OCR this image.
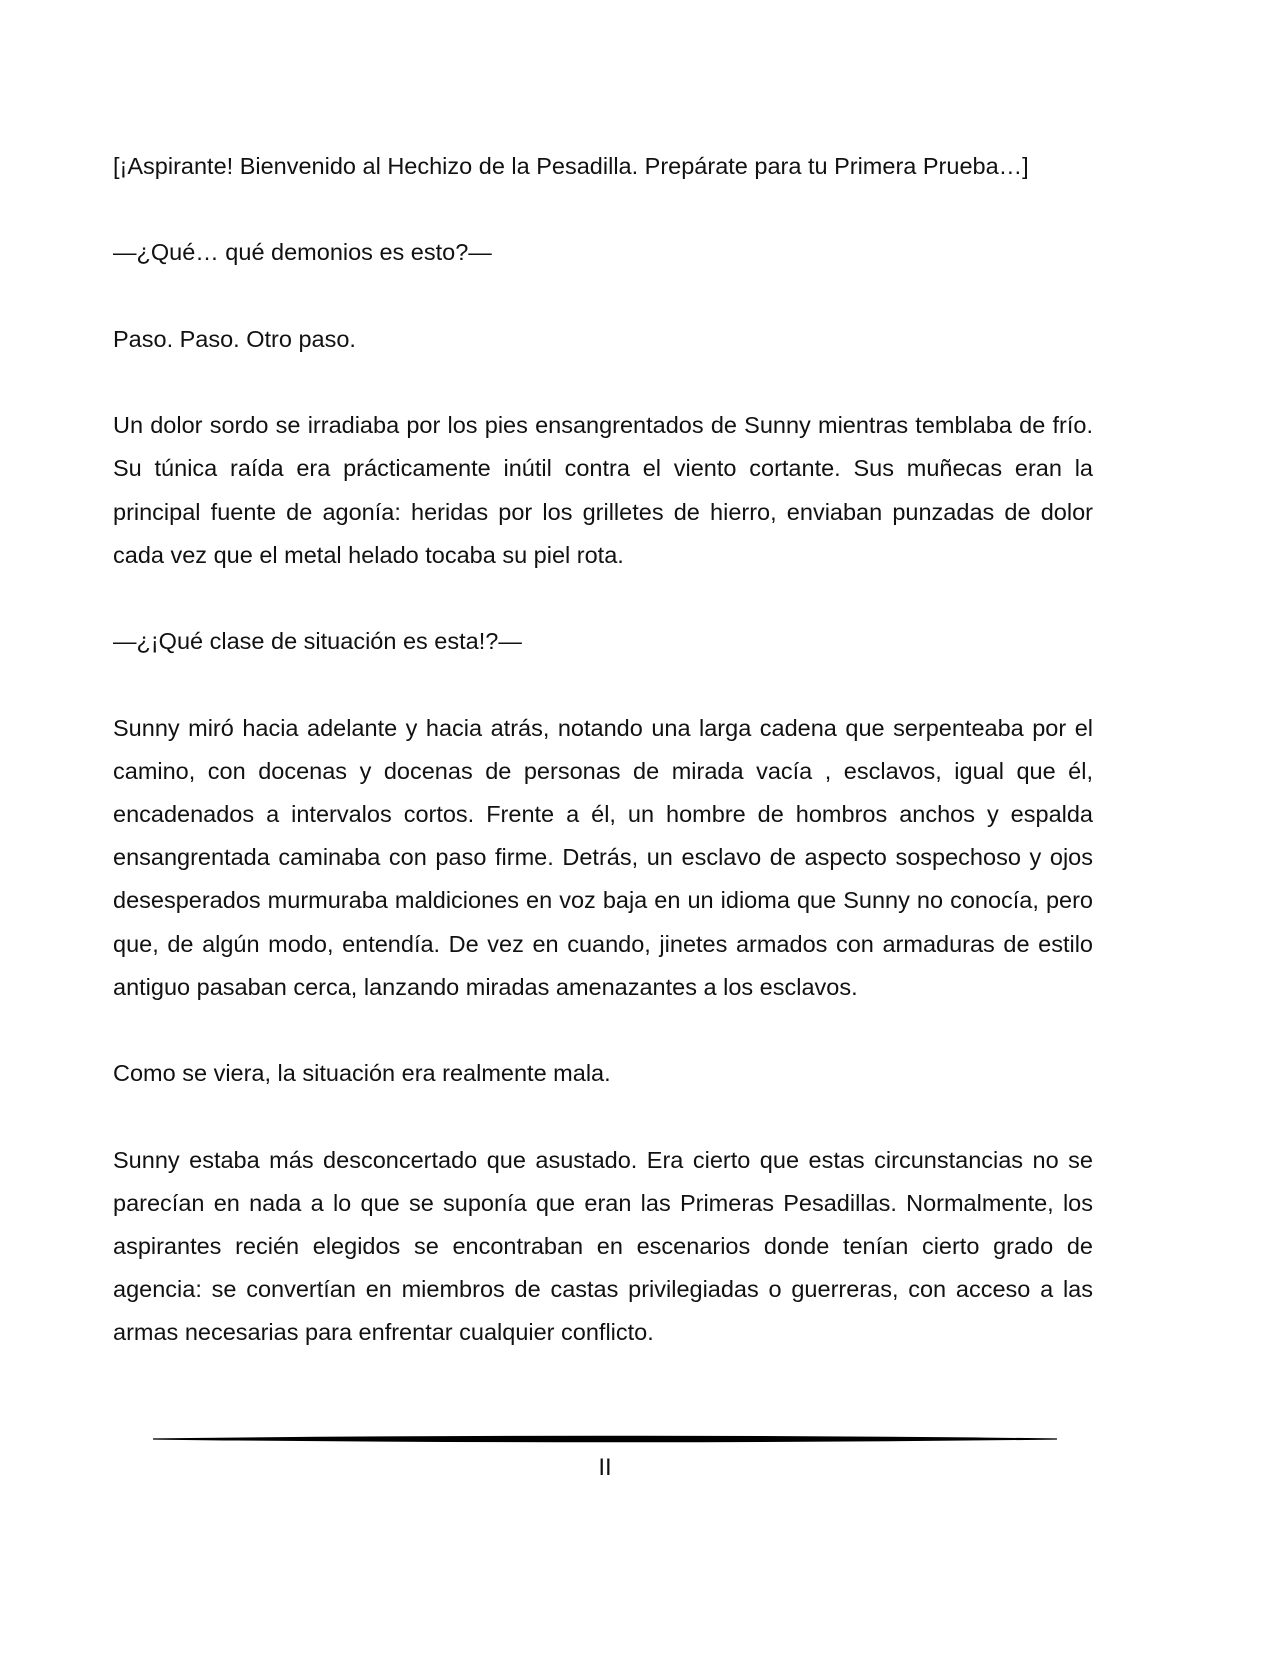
[¡Aspirante! Bienvenido al Hechizo de la Pesadilla. Prepárate para tu Primera Prueba…]

—¿Qué… qué demonios es esto?—

Paso. Paso. Otro paso.

Un dolor sordo se irradiaba por los pies ensangrentados de Sunny mientras temblaba de frío. Su túnica raída era prácticamente inútil contra el viento cortante. Sus muñecas eran la principal fuente de agonía: heridas por los grilletes de hierro, enviaban punzadas de dolor cada vez que el metal helado tocaba su piel rota.

—¿¡Qué clase de situación es esta!?—

Sunny miró hacia adelante y hacia atrás, notando una larga cadena que serpenteaba por el camino, con docenas y docenas de personas de mirada vacía , esclavos, igual que él, encadenados a intervalos cortos. Frente a él, un hombre de hombros anchos y espalda ensangrentada caminaba con paso firme. Detrás, un esclavo de aspecto sospechoso y ojos desesperados murmuraba maldiciones en voz baja en un idioma que Sunny no conocía, pero que, de algún modo, entendía. De vez en cuando, jinetes armados con armaduras de estilo antiguo pasaban cerca, lanzando miradas amenazantes a los esclavos.

Como se viera, la situación era realmente mala.

Sunny estaba más desconcertado que asustado. Era cierto que estas circunstancias no se parecían en nada a lo que se suponía que eran las Primeras Pesadillas. Normalmente, los aspirantes recién elegidos se encontraban en escenarios donde tenían cierto grado de agencia: se convertían en miembros de castas privilegiadas o guerreras, con acceso a las armas necesarias para enfrentar cualquier conflicto.

II
